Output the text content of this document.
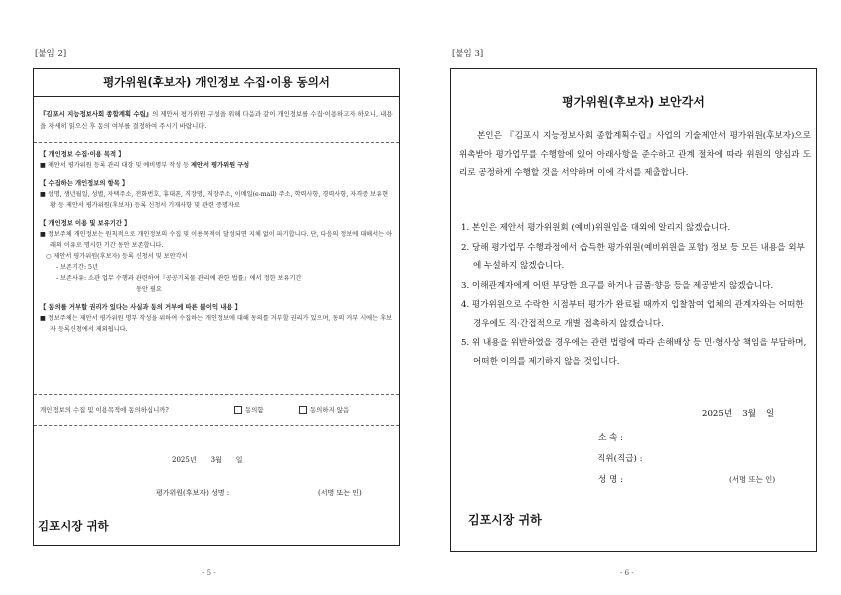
[붙임 2]	[붙임 3]
평가위원(후보자) 개인정보 수집·이용 동의서
『김포시 지능정보사회 종합계획 수립』의 제안서 평가위원 구성을 위해 다음과 같이 개인정보를 수집·이용하고자 하오니, 내용을 자세히 읽으신 후 동의 여부를 결정하여 주시기 바랍니다.
【 개인정보 수집·이용 목적 】
■ 제안서 평가위원 등록 관리 대장 및 예비명부 작성 등 제안서 평가위원 구성
【 수집하는 개인정보의 항목 】
■ 성명, 생년월일, 성별, 자택주소, 전화번호, 휴대폰, 직장명, 직장주소, 이메일(e-mail) 주소, 학력사항, 경력사항, 자격증 보유현황 등 제안서 평가위원(후보자) 등록 신청서 기재사항 및 관련 증명자료
【 개인정보 이용 및 보유기간 】
■ 정보주체 개인정보는 원칙적으로 개인정보의 수집 및 이용목적이 달성되면 지체 없이 파기합니다. 단, 다음의 정보에 대해서는 아래의 이유로 명시한 기간 동안 보존합니다.
○ 제안서 평가위원(후보자) 등록 신청서 및 보안각서
- 보존기간: 5년
- 보존사유: 소관 업무 수행과 관련하여『공공기록물 관리에 관한 법률』에서 정한 보유기간
동안 필요
【 동의를 거부할 권리가 있다는 사실과 동의 거부에 따른 불이익 내용 】
■ 정보주체는 제안서 평가위원 명부 작성을 위하여 수집하는 개인정보에 대해 동의를 거부할 권리가 있으며, 동의 거부 시에는 후보자 등록신청에서 제외됩니다.
개인정보의 수집 및 이용목적에 동의하십니까?	동의함	동의하지 않음
2025년 3월 일
평가위원(후보자) 성명 :	(서명 또는 인)
김포시장 귀하
평가위원(후보자) 보안각서
본인은 『김포시 지능정보사회 종합계획수립』사업의 기술제안서 평가위원(후보자)으로 위촉받아 평가업무를 수행함에 있어 아래사항을 준수하고 관계 절차에 따라 위원의 양심과 도리로 공정하게 수행할 것을 서약하며 이에 각서를 제출합니다.
1. 본인은 제안서 평가위원회 (예비)위원임을 대외에 알리지 않겠습니다.
2. 당해 평가업무 수행과정에서 습득한 평가위원(예비위원을 포함) 정보 등 모든 내용을 외부에 누설하지 않겠습니다.
3. 이해관계자에게 어떤 부당한 요구를 하거나 금품·향응 등을 제공받지 않겠습니다.
4. 평가위원으로 수락한 시점부터 평가가 완료될 때까지 입찰참여 업체의 관계자와는 어떠한 경우에도 직·간접적으로 개별 접촉하지 않겠습니다.
5. 위 내용을 위반하였을 경우에는 관련 법령에 따라 손해배상 등 민·형사상 책임을 부담하며, 어떠한 이의를 제기하지 않을 것입니다.
2025년 3월 일
소 속 :
직위(직급) :
성 명 :	(서명 또는 인)
김포시장 귀하
- 5 -	- 6 -
